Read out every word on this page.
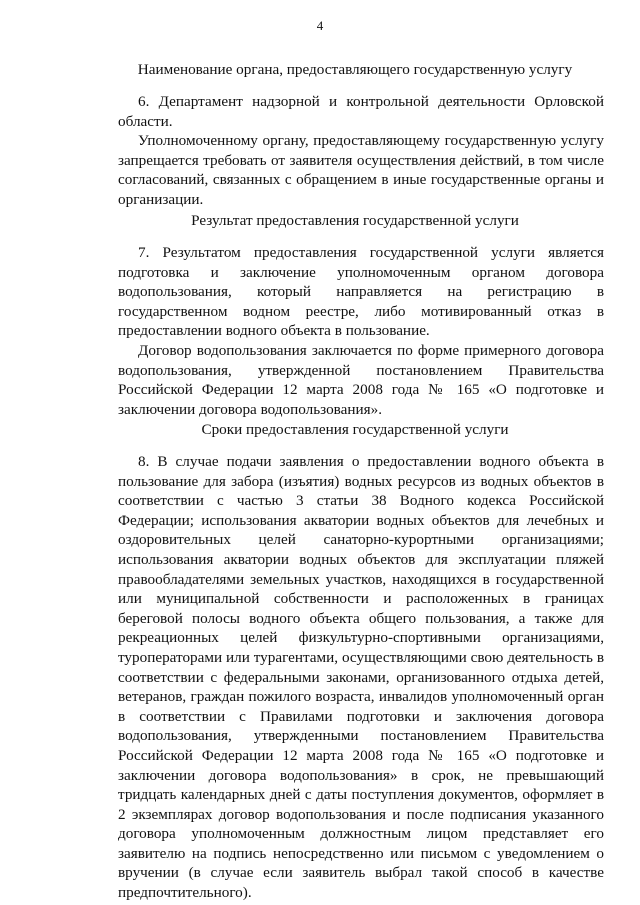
4
Наименование органа, предоставляющего государственную услугу

6. Департамент надзорной и контрольной деятельности Орловской области.

Уполномоченному органу, предоставляющему государственную услугу запрещается требовать от заявителя осуществления действий, в том числе согласований, связанных с обращением в иные государственные органы и организации.

Результат предоставления государственной услуги

7. Результатом предоставления государственной услуги является подготовка и заключение уполномоченным органом договора водопользования, который направляется на регистрацию в государственном водном реестре, либо мотивированный отказ в предоставлении водного объекта в пользование.

Договор водопользования заключается по форме примерного договора водопользования, утвержденной постановлением Правительства Российской Федерации 12 марта 2008 года № 165 «О подготовке и заключении договора водопользования».

Сроки предоставления государственной услуги

8. В случае подачи заявления о предоставлении водного объекта в пользование для забора (изъятия) водных ресурсов из водных объектов в соответствии с частью 3 статьи 38 Водного кодекса Российской Федерации; использования акватории водных объектов для лечебных и оздоровительных целей санаторно-курортными организациями; использования акватории водных объектов для эксплуатации пляжей правообладателями земельных участков, находящихся в государственной или муниципальной собственности и расположенных в границах береговой полосы водного объекта общего пользования, а также для рекреационных целей физкультурно-спортивными организациями, туроператорами или турагентами, осуществляющими свою деятельность в соответствии с федеральными законами, организованного отдыха детей, ветеранов, граждан пожилого возраста, инвалидов уполномоченный орган в соответствии с Правилами подготовки и заключения договора водопользования, утвержденными постановлением Правительства Российской Федерации 12 марта 2008 года № 165 «О подготовке и заключении договора водопользования» в срок, не превышающий тридцать календарных дней с даты поступления документов, оформляет в 2 экземплярах договор водопользования и после подписания указанного договора уполномоченным должностным лицом представляет его заявителю на подпись непосредственно или письмом с уведомлением о вручении (в случае если заявитель выбрал такой способ в качестве предпочтительного).
